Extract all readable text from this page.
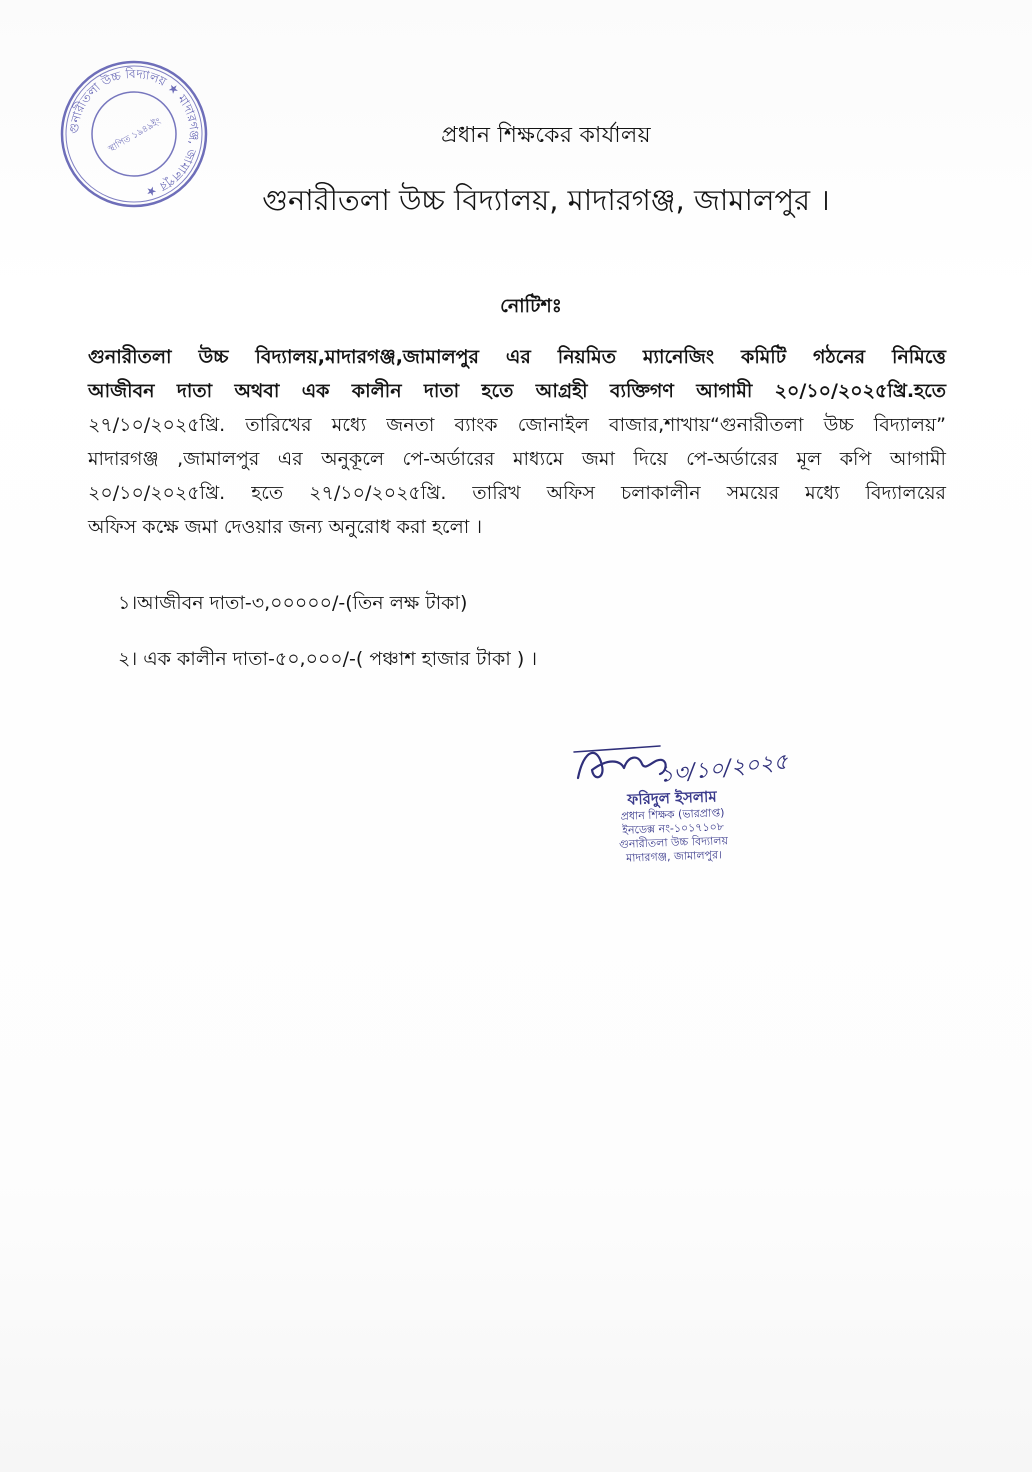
গুনারীতলা উচ্চ বিদ্যালয় ★ মাদারগঞ্জ, জামালপুর ★
স্থাপিত ১৯৪৯ইং	প্রধান শিক্ষকের কার্যালয়
গুনারীতলা উচ্চ বিদ্যালয়, মাদারগঞ্জ, জামালপুর ।
নোটিশঃ
গুনারীতলা উচ্চ বিদ্যালয়,মাদারগঞ্জ,জামালপুর এর নিয়মিত ম্যানেজিং কমিটি গঠনের নিমিত্তে
আজীবন দাতা অথবা এক কালীন দাতা হতে আগ্রহী ব্যক্তিগণ আগামী ২০/১০/২০২৫খ্রি.হতে
২৭/১০/২০২৫খ্রি. তারিখের মধ্যে জনতা ব্যাংক জোনাইল বাজার,শাখায়“গুনারীতলা উচ্চ বিদ্যালয়”
মাদারগঞ্জ ,জামালপুর এর অনুকূলে পে-অর্ডারের মাধ্যমে জমা দিয়ে পে-অর্ডারের মূল কপি আগামী
২০/১০/২০২৫খ্রি. হতে ২৭/১০/২০২৫খ্রি. তারিখ অফিস চলাকালীন সময়ের মধ্যে বিদ্যালয়ের
অফিস কক্ষে জমা দেওয়ার জন্য অনুরোধ করা হলো ।
১।আজীবন দাতা-৩,০০০০০/-(তিন লক্ষ টাকা)
২। এক কালীন দাতা-৫০,০০০/-( পঞ্চাশ হাজার টাকা ) ।
১৩/১০/২০২৫
ফরিদুল ইসলাম
প্রধান শিক্ষক (ভারপ্রাপ্ত)
ইনডেক্স নং-১০১৭১০৮
গুনারীতলা উচ্চ বিদ্যালয়
মাদারগঞ্জ, জামালপুর।
